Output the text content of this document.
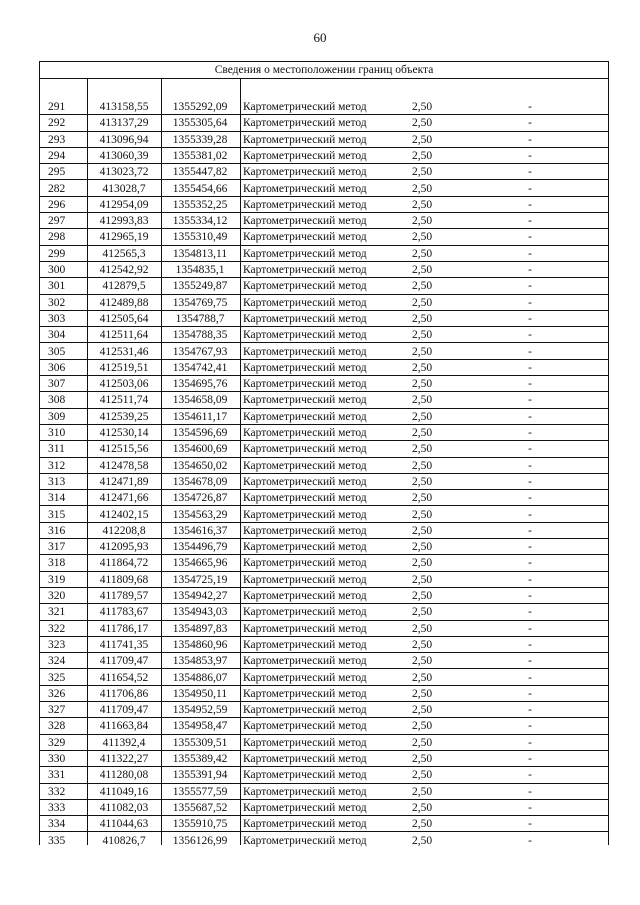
60
Сведения о местоположении границ объекта
291	413158,55	1355292,09	Картометрический метод	2,50	-
292	413137,29	1355305,64	Картометрический метод	2,50	-
293	413096,94	1355339,28	Картометрический метод	2,50	-
294	413060,39	1355381,02	Картометрический метод	2,50	-
295	413023,72	1355447,82	Картометрический метод	2,50	-
282	413028,7	1355454,66	Картометрический метод	2,50	-
296	412954,09	1355352,25	Картометрический метод	2,50	-
297	412993,83	1355334,12	Картометрический метод	2,50	-
298	412965,19	1355310,49	Картометрический метод	2,50	-
299	412565,3	1354813,11	Картометрический метод	2,50	-
300	412542,92	1354835,1	Картометрический метод	2,50	-
301	412879,5	1355249,87	Картометрический метод	2,50	-
302	412489,88	1354769,75	Картометрический метод	2,50	-
303	412505,64	1354788,7	Картометрический метод	2,50	-
304	412511,64	1354788,35	Картометрический метод	2,50	-
305	412531,46	1354767,93	Картометрический метод	2,50	-
306	412519,51	1354742,41	Картометрический метод	2,50	-
307	412503,06	1354695,76	Картометрический метод	2,50	-
308	412511,74	1354658,09	Картометрический метод	2,50	-
309	412539,25	1354611,17	Картометрический метод	2,50	-
310	412530,14	1354596,69	Картометрический метод	2,50	-
311	412515,56	1354600,69	Картометрический метод	2,50	-
312	412478,58	1354650,02	Картометрический метод	2,50	-
313	412471,89	1354678,09	Картометрический метод	2,50	-
314	412471,66	1354726,87	Картометрический метод	2,50	-
315	412402,15	1354563,29	Картометрический метод	2,50	-
316	412208,8	1354616,37	Картометрический метод	2,50	-
317	412095,93	1354496,79	Картометрический метод	2,50	-
318	411864,72	1354665,96	Картометрический метод	2,50	-
319	411809,68	1354725,19	Картометрический метод	2,50	-
320	411789,57	1354942,27	Картометрический метод	2,50	-
321	411783,67	1354943,03	Картометрический метод	2,50	-
322	411786,17	1354897,83	Картометрический метод	2,50	-
323	411741,35	1354860,96	Картометрический метод	2,50	-
324	411709,47	1354853,97	Картометрический метод	2,50	-
325	411654,52	1354886,07	Картометрический метод	2,50	-
326	411706,86	1354950,11	Картометрический метод	2,50	-
327	411709,47	1354952,59	Картометрический метод	2,50	-
328	411663,84	1354958,47	Картометрический метод	2,50	-
329	411392,4	1355309,51	Картометрический метод	2,50	-
330	411322,27	1355389,42	Картометрический метод	2,50	-
331	411280,08	1355391,94	Картометрический метод	2,50	-
332	411049,16	1355577,59	Картометрический метод	2,50	-
333	411082,03	1355687,52	Картометрический метод	2,50	-
334	411044,63	1355910,75	Картометрический метод	2,50	-
335	410826,7	1356126,99	Картометрический метод	2,50	-
